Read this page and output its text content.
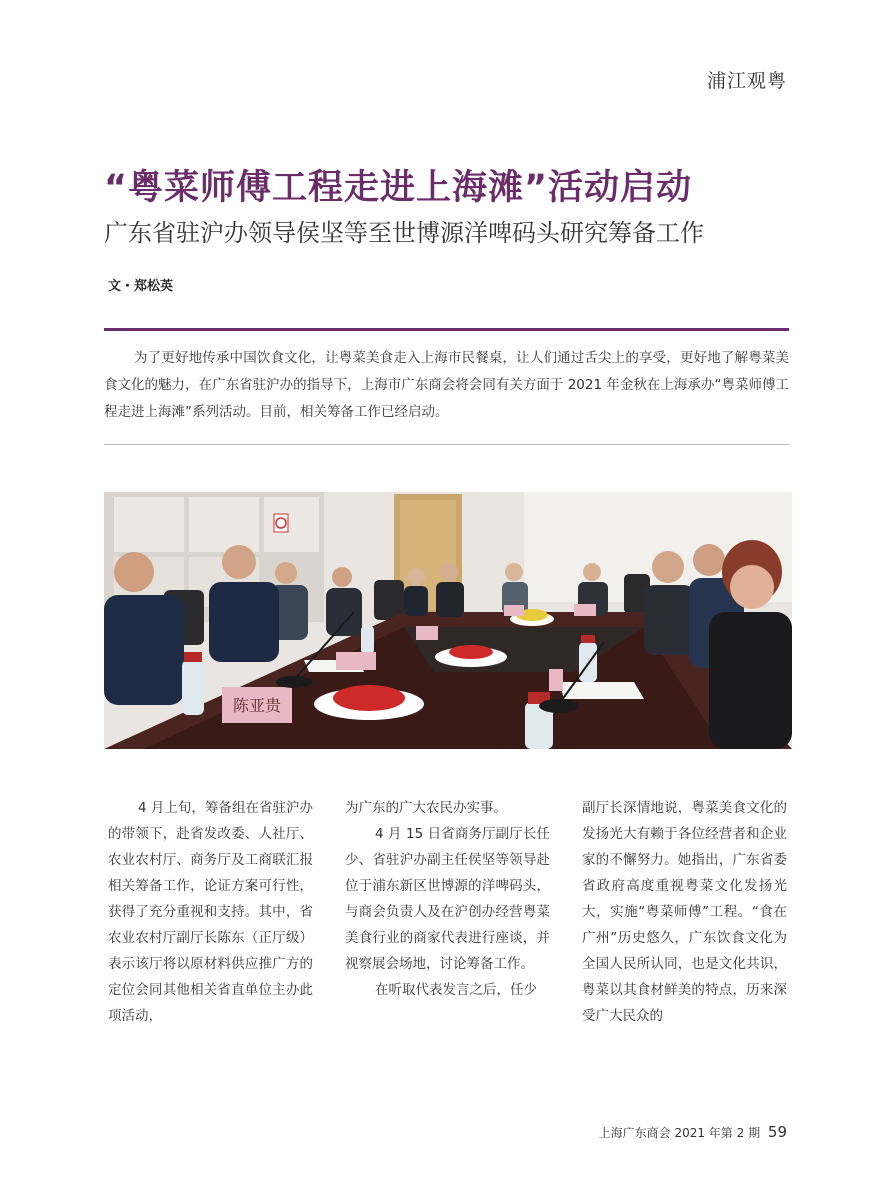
浦江观粤
“粤菜师傅工程走进上海滩”活动启动
广东省驻沪办领导侯坚等至世博源洋啤码头研究筹备工作
文・郑松英

为了更好地传承中国饮食文化，让粤菜美食走入上海市民餐桌，让人们通过舌尖上的享受，更好地了解粤菜美食文化的魅力，在广东省驻沪办的指导下，上海市广东商会将会同有关方面于 2021 年金秋在上海承办“粤菜师傅工程走进上海滩”系列活动。目前，相关筹备工作已经启动。

陈亚贵

4 月上旬，筹备组在省驻沪办的带领下，赴省发改委、人社厅、农业农村厅、商务厅及工商联汇报相关筹备工作，论证方案可行性，获得了充分重视和支持。其中，省农业农村厅副厅长陈东（正厅级）表示该厅将以原材料供应推广方的定位会同其他相关省直单位主办此项活动，

为广东的广大农民办实事。

4 月 15 日省商务厅副厅长任少、省驻沪办副主任侯坚等领导赴位于浦东新区世博源的洋啤码头，与商会负责人及在沪创办经营粤菜美食行业的商家代表进行座谈，并视察展会场地，讨论筹备工作。

在听取代表发言之后，任少

副厅长深情地说，粤菜美食文化的发扬光大有赖于各位经营者和企业家的不懈努力。她指出，广东省委省政府高度重视粤菜文化发扬光大，实施“粤菜师傅”工程。“食在广州”历史悠久，广东饮食文化为全国人民所认同，也是文化共识，粤菜以其食材鲜美的特点，历来深受广大民众的

上海广东商会 2021 年第 2 期 59
